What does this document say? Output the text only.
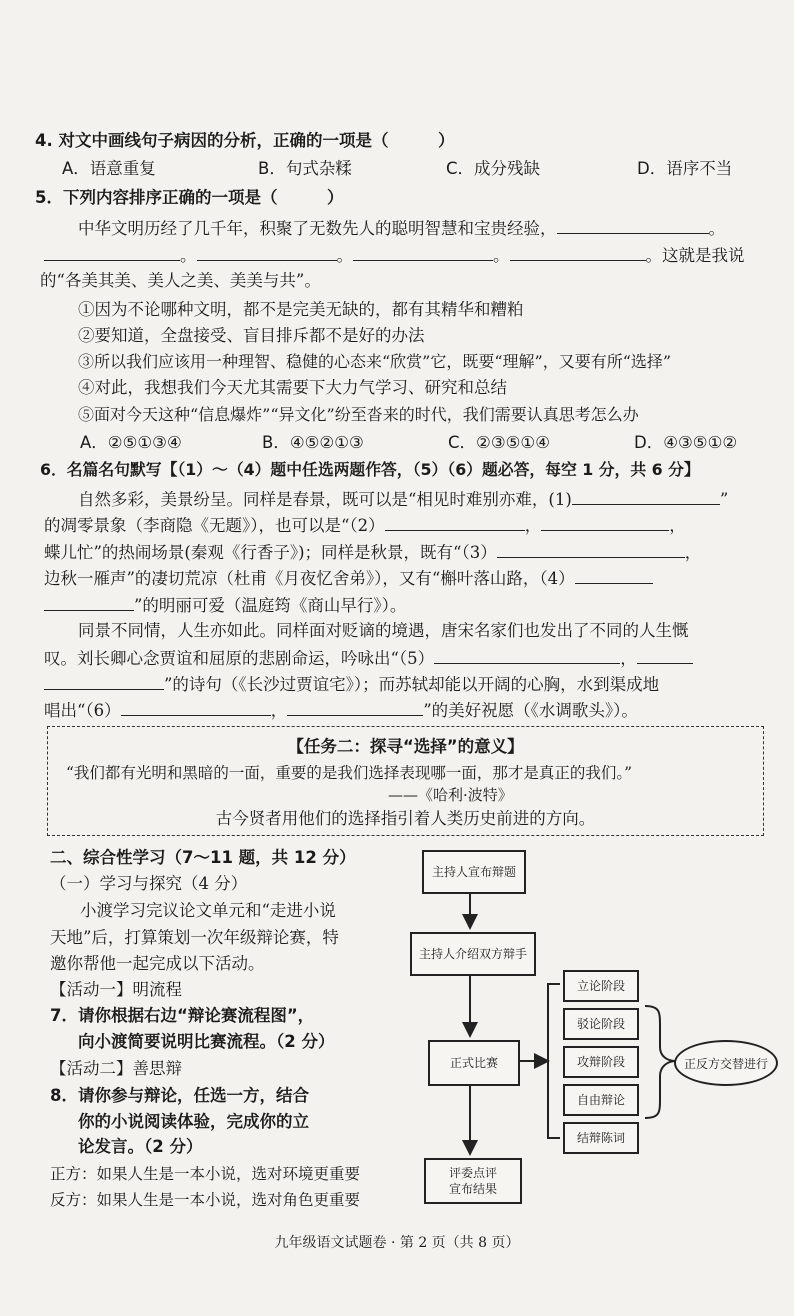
4. 对文中画线句子病因的分析，正确的一项是（　　　）
A．语意重复	B．句式杂糅	C．成分残缺	D．语序不当
5．下列内容排序正确的一项是（　　　）
中华文明历经了几千年，积聚了无数先人的聪明智慧和宝贵经验，	。
。	。	。	。这就是我说
的“各美其美、美人之美、美美与共”。
①因为不论哪种文明，都不是完美无缺的，都有其精华和糟粕
②要知道，全盘接受、盲目排斥都不是好的办法
③所以我们应该用一种理智、稳健的心态来“欣赏”它，既要“理解”，又要有所“选择”
④对此，我想我们今天尤其需要下大力气学习、研究和总结
⑤面对今天这种“信息爆炸”“异文化”纷至沓来的时代，我们需要认真思考怎么办
A．②⑤①③④	B．④⑤②①③	C．②③⑤①④	D．④③⑤①②
6．名篇名句默写【（1）～（4）题中任选两题作答，（5）（6）题必答，每空 1 分，共 6 分】
自然多彩，美景纷呈。同样是春景，既可以是“相见时难别亦难，(1)	”
的凋零景象（李商隐《无题》），也可以是“（2）	，	，
蝶儿忙”的热闹场景(秦观《行香子》)；同样是秋景，既有“（3）	，
边秋一雁声”的凄切荒凉（杜甫《月夜忆舍弟》），又有“槲叶落山路，（4）
”的明丽可爱（温庭筠《商山早行》）。
同景不同情，人生亦如此。同样面对贬谪的境遇，唐宋名家们也发出了不同的人生慨
叹。刘长卿心念贾谊和屈原的悲剧命运，吟咏出“（5）	，
”的诗句（《长沙过贾谊宅》）；而苏轼却能以开阔的心胸，水到渠成地
唱出“（6）	，	”的美好祝愿（《水调歌头》）。
【任务二：探寻“选择”的意义】
“我们都有光明和黑暗的一面，重要的是我们选择表现哪一面，那才是真正的我们。”
——《哈利·波特》
古今贤者用他们的选择指引着人类历史前进的方向。
二、综合性学习（7～11 题，共 12 分）
（一）学习与探究（4 分）
小渡学习完议论文单元和“走进小说
天地”后，打算策划一次年级辩论赛，特
邀你帮他一起完成以下活动。
【活动一】明流程
7．请你根据右边“辩论赛流程图”，
向小渡简要说明比赛流程。（2 分）
【活动二】善思辩
8．请你参与辩论，任选一方，结合
你的小说阅读体验，完成你的立
论发言。（2 分）
正方：如果人生是一本小说，选对环境更重要
反方：如果人生是一本小说，选对角色更重要
主持人宣布辩题
主持人介绍双方辩手
正式比赛
立论阶段
驳论阶段
攻辩阶段
自由辩论
结辩陈词
正反方交替进行
评委点评
宣布结果
九年级语文试题卷 · 第 2 页（共 8 页）
